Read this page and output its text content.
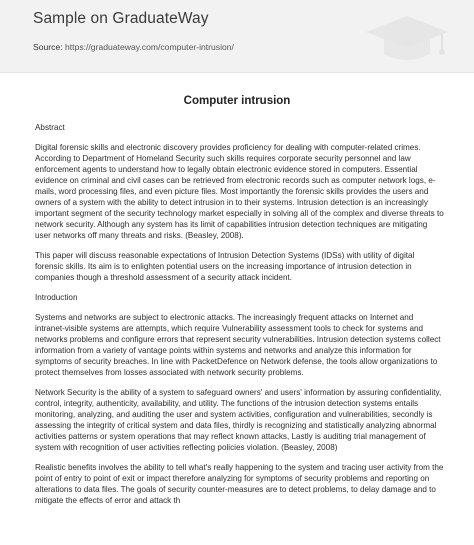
Sample on GraduateWay
Source: https://graduateway.com/computer-intrusion/
Computer intrusion

Abstract

Digital forensic skills and electronic discovery provides proficiency for dealing with computer-related crimes. According to Department of Homeland Security such skills requires corporate security personnel and law enforcement agents to understand how to legally obtain electronic evidence stored in computers. Essential evidence on criminal and civil cases can be retrieved from electronic records such as computer network logs, e-mails, word processing files, and even picture files. Most importantly the forensic skills provides the users and owners of a system with the ability to detect intrusion in to their systems. Intrusion detection is an increasingly important segment of the security technology market especially in solving all of the complex and diverse threats to network security. Although any system has its limit of capabilities intrusion detection techniques are mitigating user networks off many threats and risks. (Beasley, 2008).

This paper will discuss reasonable expectations of Intrusion Detection Systems (IDSs) with utility of digital forensic skills. Its aim is to enlighten potential users on the increasing importance of intrusion detection in companies though a threshold assessment of a security attack incident.

Introduction

Systems and networks are subject to electronic attacks. The increasingly frequent attacks on Internet and intranet-visible systems are attempts, which require Vulnerability assessment tools to check for systems and networks problems and configure errors that represent security vulnerabilities. Intrusion detection systems collect information from a variety of vantage points within systems and networks and analyze this information for symptoms of security breaches. In line with PacketDefence on Network defense, the tools allow organizations to protect themselves from losses associated with network security problems.

Network Security is the ability of a system to safeguard owners' and users' information by assuring confidentiality, control, integrity, authenticity, availability, and utility. The functions of the intrusion detection systems entails monitoring, analyzing, and auditing the user and system activities, configuration and vulnerabilities, secondly is assessing the integrity of critical system and data files, thirdly is recognizing and statistically analyzing abnormal activities patterns or system operations that may reflect known attacks, Lastly is auditing trial management of system with recognition of user activities reflecting policies violation. (Beasley, 2008)

Realistic benefits involves the ability to tell what's really happening to the system and tracing user activity from the point of entry to point of exit or impact therefore analyzing for symptoms of security problems and reporting on alterations to data files. The goals of security counter-measures are to detect problems, to delay damage and to mitigate the effects of error and attack th
